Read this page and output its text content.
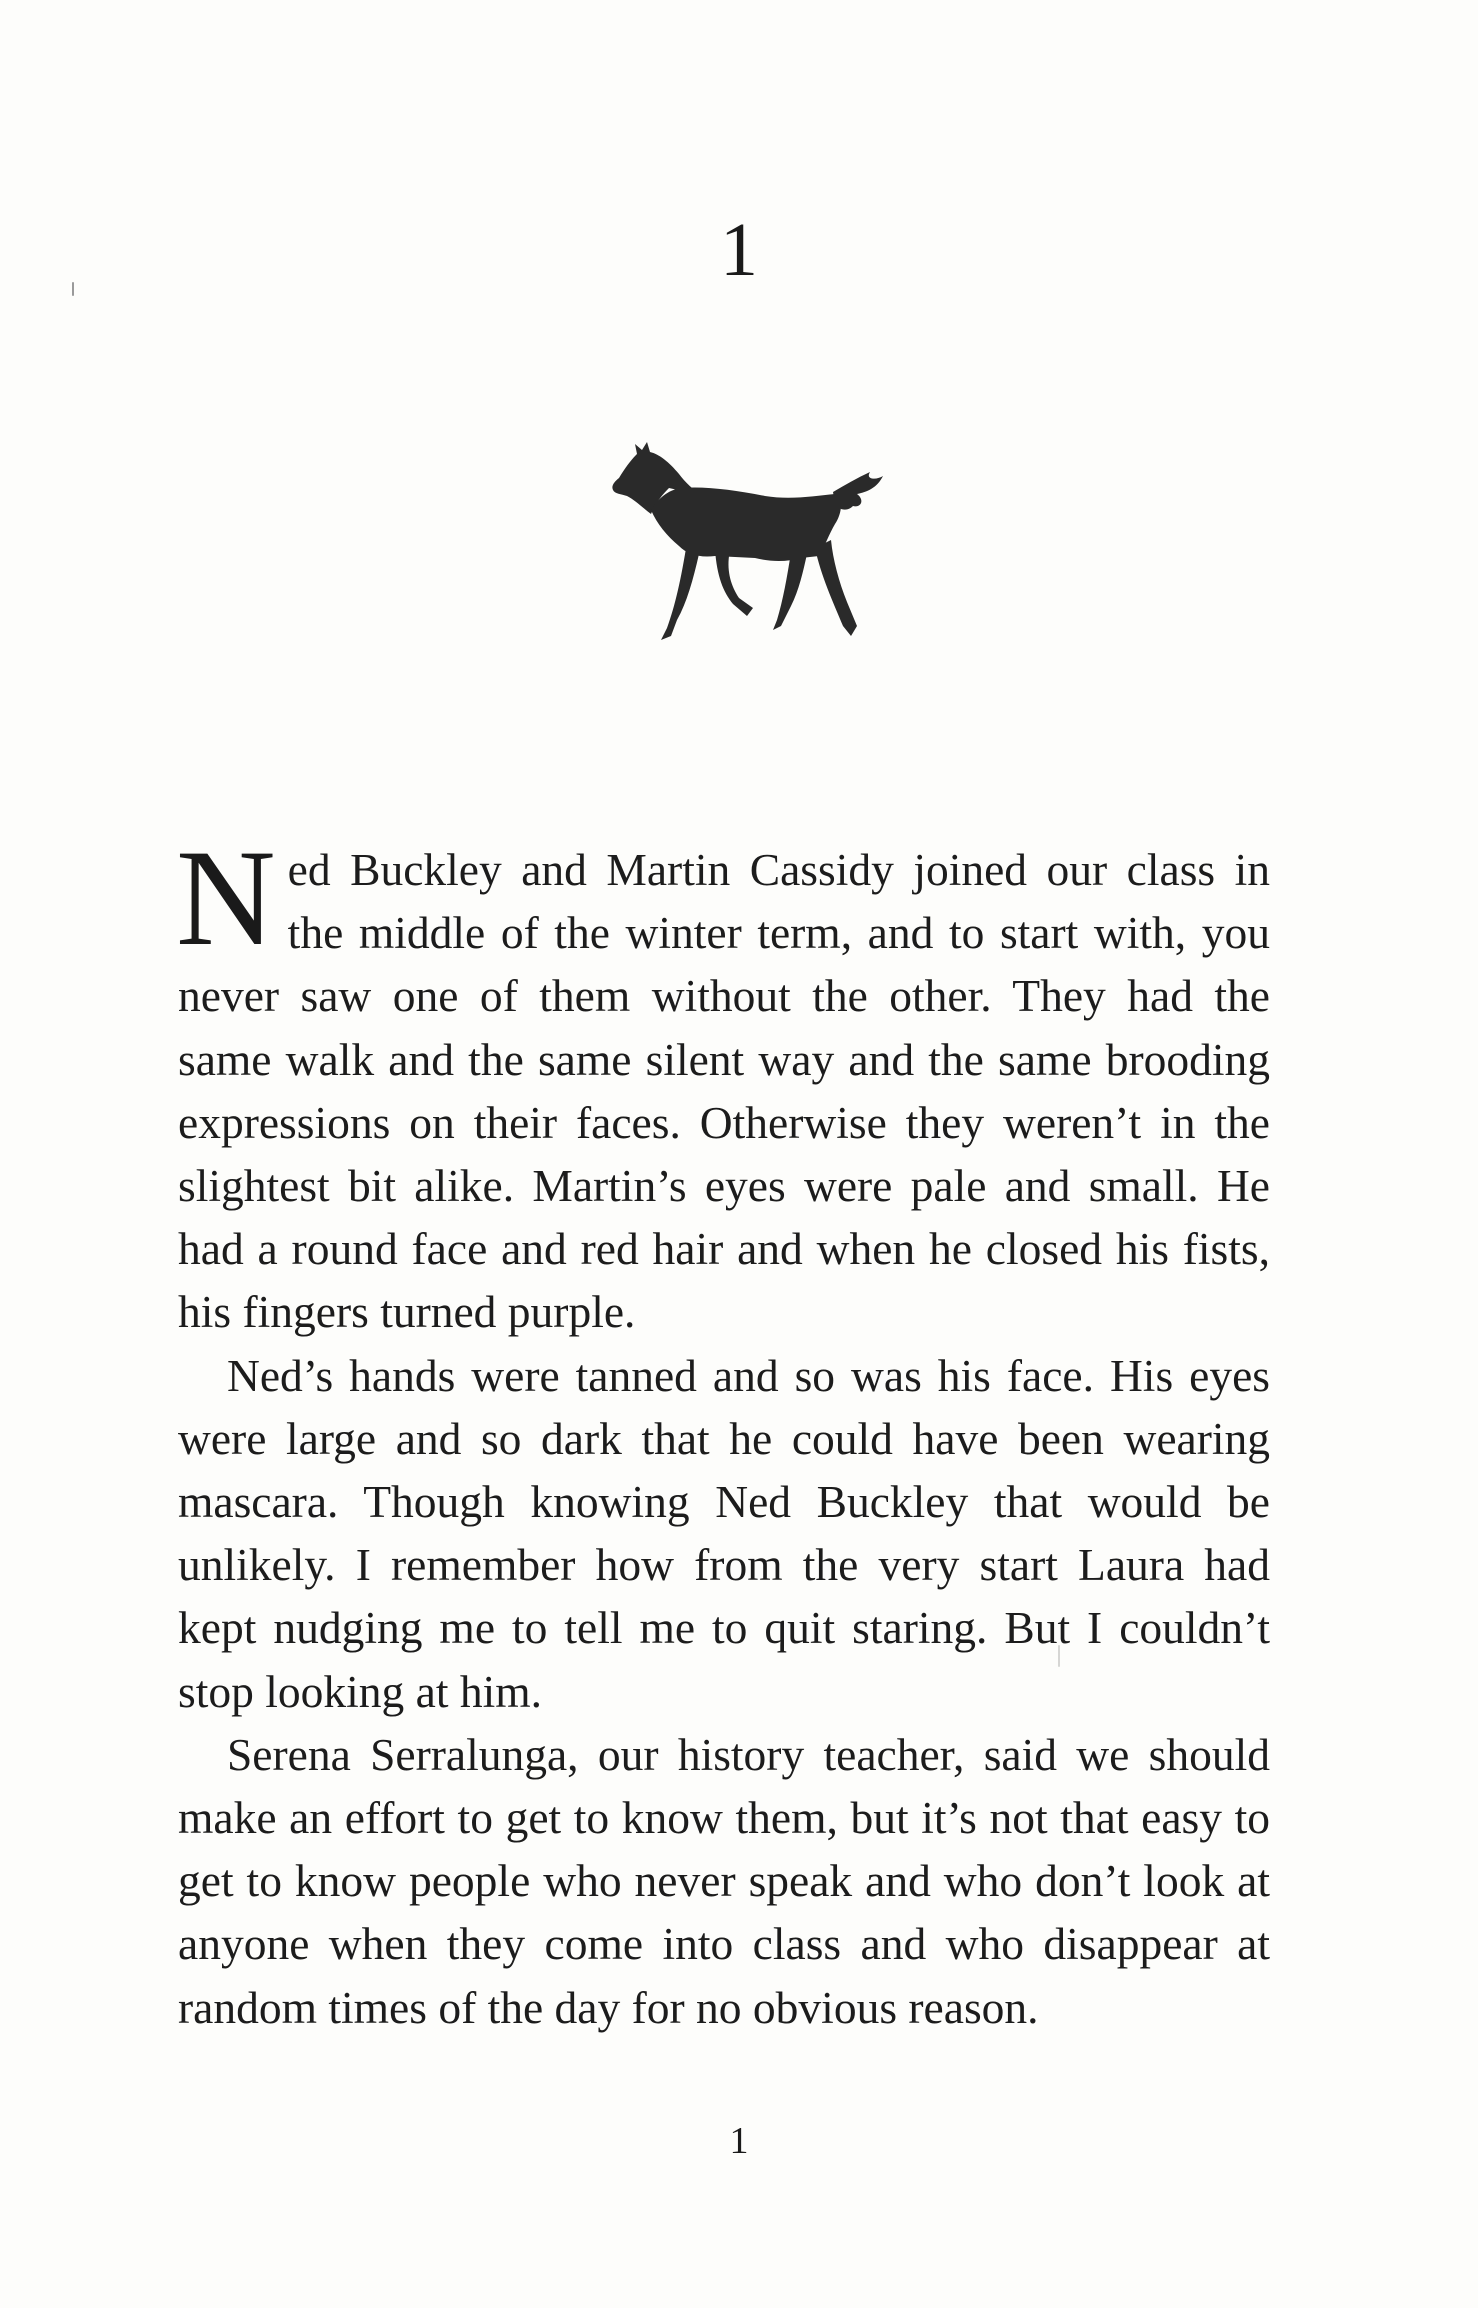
1

Ned Buckley and Martin Cassidy joined our class in the middle of the winter term, and to start with, you never saw one of them without the other. They had the same walk and the same silent way and the same brooding expressions on their faces. Otherwise they weren’t in the slightest bit alike. Martin’s eyes were pale and small. He had a round face and red hair and when he closed his fists, his fingers turned purple.

Ned’s hands were tanned and so was his face. His eyes were large and so dark that he could have been wearing mascara. Though knowing Ned Buckley that would be unlikely. I remember how from the very start Laura had kept nudging me to tell me to quit staring. But I couldn’t stop looking at him.

Serena Serralunga, our history teacher, said we should make an effort to get to know them, but it’s not that easy to get to know people who never speak and who don’t look at anyone when they come into class and who disappear at random times of the day for no obvious reason.

1
